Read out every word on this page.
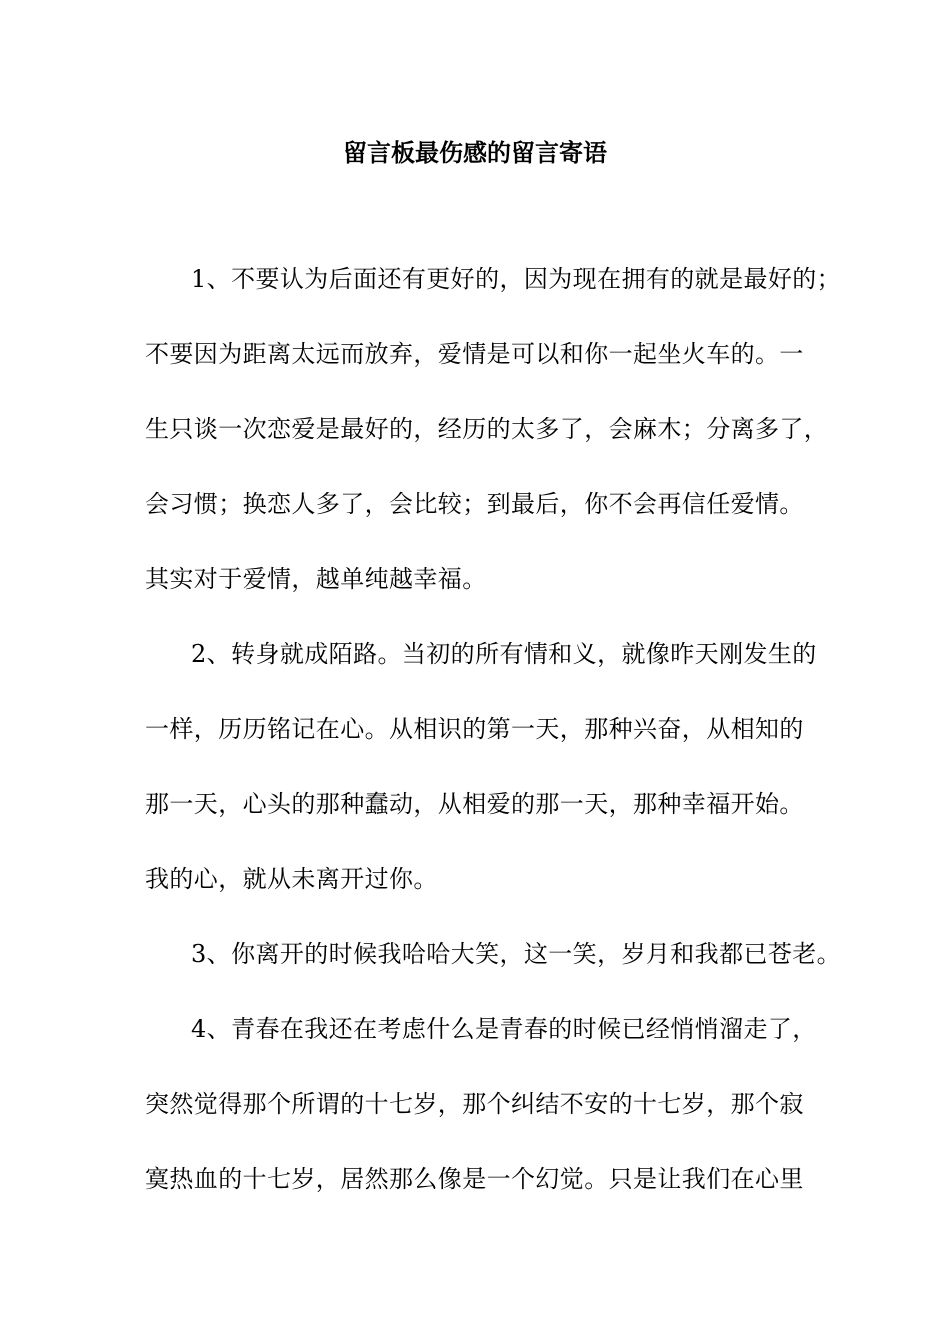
留言板最伤感的留言寄语
1、不要认为后面还有更好的，因为现在拥有的就是最好的；
不要因为距离太远而放弃，爱情是可以和你一起坐火车的。一
生只谈一次恋爱是最好的，经历的太多了，会麻木；分离多了，
会习惯；换恋人多了，会比较；到最后，你不会再信任爱情。
其实对于爱情，越单纯越幸福。
2、转身就成陌路。当初的所有情和义，就像昨天刚发生的
一样，历历铭记在心。从相识的第一天，那种兴奋，从相知的
那一天，心头的那种蠢动，从相爱的那一天，那种幸福开始。
我的心，就从未离开过你。
3、你离开的时候我哈哈大笑，这一笑，岁月和我都已苍老。
4、青春在我还在考虑什么是青春的时候已经悄悄溜走了，
突然觉得那个所谓的十七岁，那个纠结不安的十七岁，那个寂
寞热血的十七岁，居然那么像是一个幻觉。只是让我们在心里
